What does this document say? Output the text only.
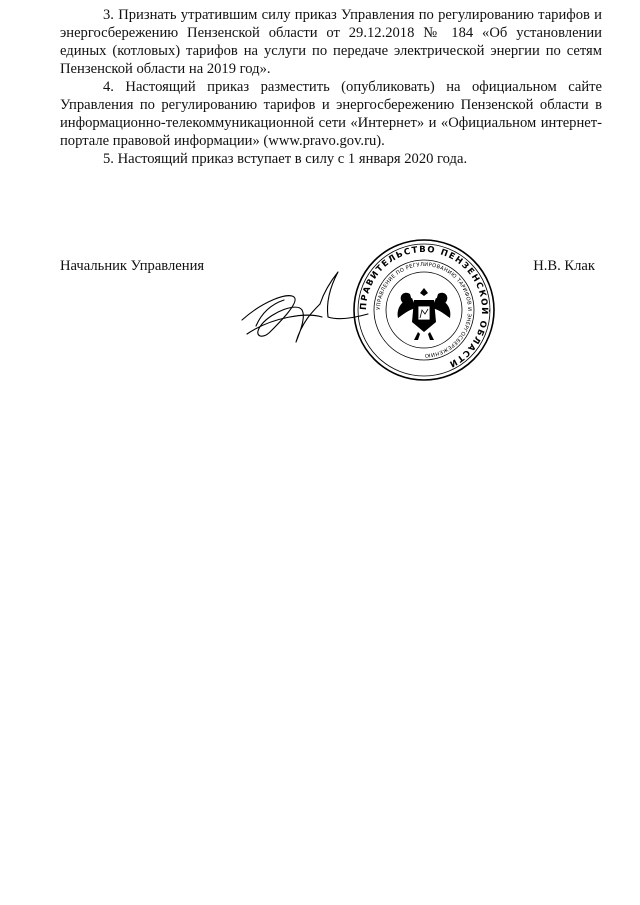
3. Признать утратившим силу приказ Управления по регулированию тарифов и энергосбережению Пензенской области от 29.12.2018 № 184 «Об установлении единых (котловых) тарифов на услуги по передаче электрической энергии по сетям Пензенской области на 2019 год».

4. Настоящий приказ разместить (опубликовать) на официальном сайте Управления по регулированию тарифов и энергосбережению Пензенской области в информационно-телекоммуникационной сети «Интернет» и «Официальном интернет-портале правовой информации» (www.pravo.gov.ru).

5. Настоящий приказ вступает в силу с 1 января 2020 года.

Начальник Управления	Н.В. Клак
ПРАВИТЕЛЬСТВО ПЕНЗЕНСКОЙ ОБЛАСТИ
УПРАВЛЕНИЕ ПО РЕГУЛИРОВАНИЮ ТАРИФОВ И ЭНЕРГОСБЕРЕЖЕНИЮ
